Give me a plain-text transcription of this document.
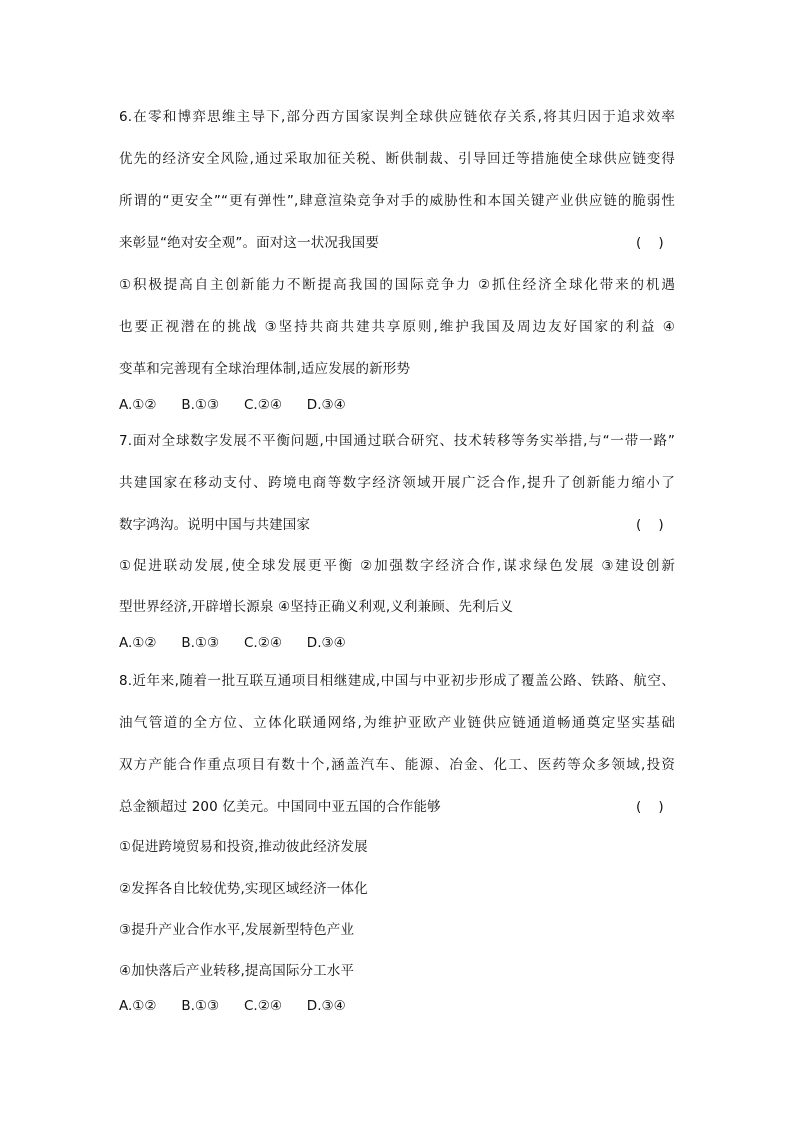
6.在零和博弈思维主导下,部分西方国家误判全球供应链依存关系,将其归因于追求效率
优先的经济安全风险,通过采取加征关税、断供制裁、引导回迁等措施使全球供应链变得
所谓的“更安全”“更有弹性”,肆意渲染竞争对手的威胁性和本国关键产业供应链的脆弱性
来彰显“绝对安全观”。面对这一状况我国要	(    )
①积极提高自主创新能力不断提高我国的国际竞争力 ②抓住经济全球化带来的机遇
也要正视潜在的挑战 ③坚持共商共建共享原则,维护我国及周边友好国家的利益 ④
变革和完善现有全球治理体制,适应发展的新形势
A.①②   B.①③   C.②④   D.③④
7.面对全球数字发展不平衡问题,中国通过联合研究、技术转移等务实举措,与“一带一路”
共建国家在移动支付、跨境电商等数字经济领域开展广泛合作,提升了创新能力缩小了
数字鸿沟。说明中国与共建国家	(    )
①促进联动发展,使全球发展更平衡 ②加强数字经济合作,谋求绿色发展 ③建设创新
型世界经济,开辟增长源泉 ④坚持正确义利观,义利兼顾、先利后义
A.①②   B.①③   C.②④   D.③④
8.近年来,随着一批互联互通项目相继建成,中国与中亚初步形成了覆盖公路、铁路、航空、
油气管道的全方位、立体化联通网络,为维护亚欧产业链供应链通道畅通奠定坚实基础
双方产能合作重点项目有数十个,涵盖汽车、能源、冶金、化工、医药等众多领域,投资
总金额超过 200 亿美元。中国同中亚五国的合作能够	(    )
①促进跨境贸易和投资,推动彼此经济发展
②发挥各自比较优势,实现区域经济一体化
③提升产业合作水平,发展新型特色产业
④加快落后产业转移,提高国际分工水平
A.①②   B.①③   C.②④   D.③④
